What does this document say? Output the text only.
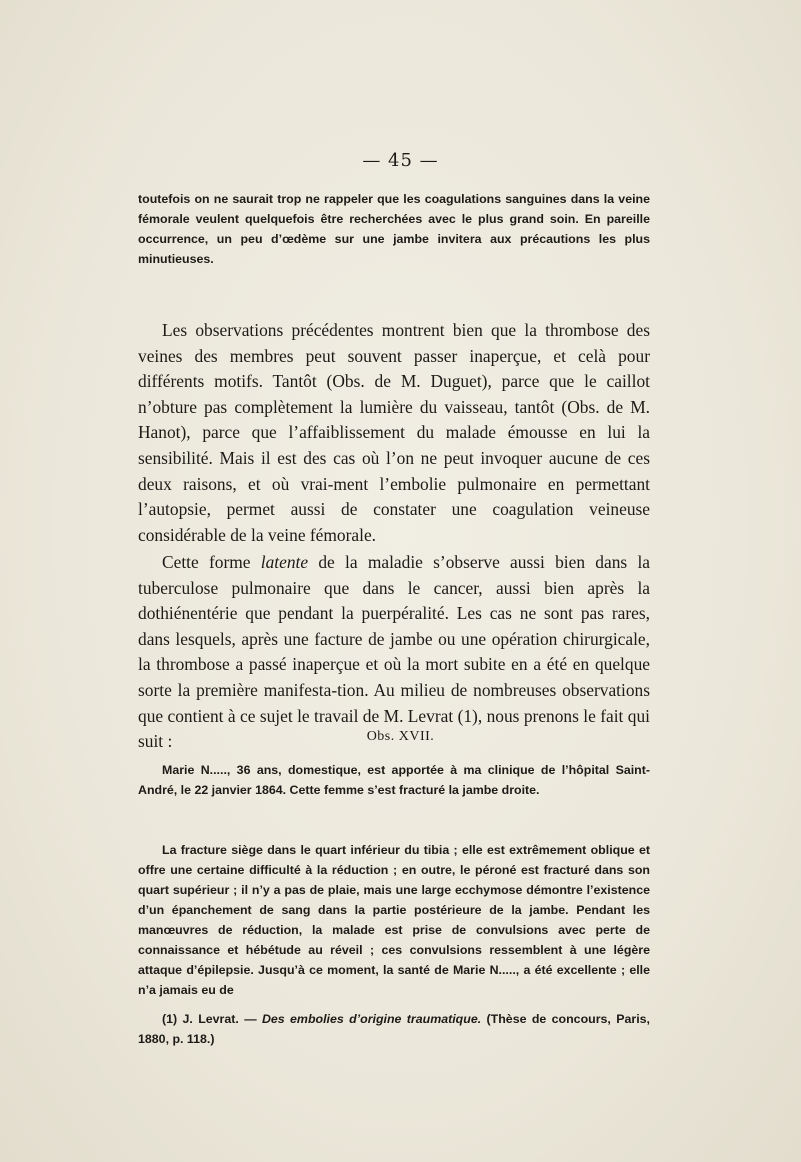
— 45 —

toutefois on ne saurait trop ne rappeler que les coagulations sanguines dans la veine fémorale veulent quelquefois être recherchées avec le plus grand soin. En pareille occurrence, un peu d’œdème sur une jambe invitera aux précautions les plus minutieuses.

Les observations précédentes montrent bien que la thrombose des veines des membres peut souvent passer inaperçue, et celà pour différents motifs. Tantôt (Obs. de M. Duguet), parce que le caillot n’obture pas complètement la lumière du vaisseau, tantôt (Obs. de M. Hanot), parce que l’affaiblissement du malade émousse en lui la sensibilité. Mais il est des cas où l’on ne peut invoquer aucune de ces deux raisons, et où vrai-ment l’embolie pulmonaire en permettant l’autopsie, permet aussi de constater une coagulation veineuse considérable de la veine fémorale.

Cette forme latente de la maladie s’observe aussi bien dans la tuberculose pulmonaire que dans le cancer, aussi bien après la dothiénentérie que pendant la puerpéralité. Les cas ne sont pas rares, dans lesquels, après une facture de jambe ou une opération chirurgicale, la thrombose a passé inaperçue et où la mort subite en a été en quelque sorte la première manifesta-tion. Au milieu de nombreuses observations que contient à ce sujet le travail de M. Levrat (1), nous prenons le fait qui suit :	Obs. XVII.

Marie N....., 36 ans, domestique, est apportée à ma clinique de l’hôpital Saint-André, le 22 janvier 1864. Cette femme s’est fracturé la jambe droite.

La fracture siège dans le quart inférieur du tibia ; elle est extrêmement oblique et offre une certaine difficulté à la réduction ; en outre, le péroné est fracturé dans son quart supérieur ; il n’y a pas de plaie, mais une large ecchymose démontre l’existence d’un épanchement de sang dans la partie postérieure de la jambe. Pendant les manœuvres de réduction, la malade est prise de convulsions avec perte de connaissance et hébétude au réveil ; ces convulsions ressemblent à une légère attaque d’épilepsie. Jusqu’à ce moment, la santé de Marie N....., a été excellente ; elle n’a jamais eu de

(1) J. Levrat. — Des embolies d’origine traumatique. (Thèse de concours, Paris, 1880, p. 118.)
